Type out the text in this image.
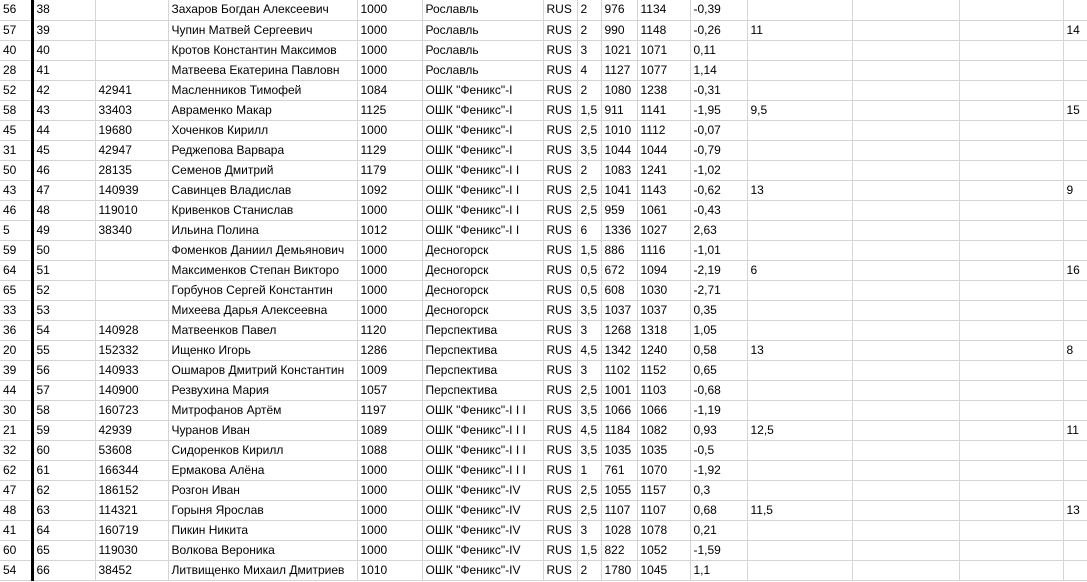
56	38		Захаров Богдан Алексеевич	1000	Рославль	RUS	2	976	1134	-0,39				
57	39		Чупин Матвей Сергеевич	1000	Рославль	RUS	2	990	1148	-0,26	11			14
40	40		Кротов Константин Максимов	1000	Рославль	RUS	3	1021	1071	0,11				
28	41		Матвеева Екатерина Павловн	1000	Рославль	RUS	4	1127	1077	1,14				
52	42	42941	Масленников Тимофей	1084	ОШК "Феникс"-I	RUS	2	1080	1238	-0,31				
58	43	33403	Авраменко Макар	1125	ОШК "Феникс"-I	RUS	1,5	911	1141	-1,95	9,5			15
45	44	19680	Хоченков Кирилл	1000	ОШК "Феникс"-I	RUS	2,5	1010	1112	-0,07				
31	45	42947	Реджепова Варвара	1129	ОШК "Феникс"-I	RUS	3,5	1044	1044	-0,79				
50	46	28135	Семенов Дмитрий	1179	ОШК "Феникс"-I I	RUS	2	1083	1241	-1,02				
43	47	140939	Савинцев Владислав	1092	ОШК "Феникс"-I I	RUS	2,5	1041	1143	-0,62	13			9
46	48	119010	Кривенков Станислав	1000	ОШК "Феникс"-I I	RUS	2,5	959	1061	-0,43				
5	49	38340	Ильина Полина	1012	ОШК "Феникс"-I I	RUS	6	1336	1027	2,63				
59	50		Фоменков Даниил Демьянович	1000	Десногорск	RUS	1,5	886	1116	-1,01				
64	51		Максименков Степан Викторо	1000	Десногорск	RUS	0,5	672	1094	-2,19	6			16
65	52		Горбунов Сергей Константин	1000	Десногорск	RUS	0,5	608	1030	-2,71				
33	53		Михеева Дарья Алексеевна	1000	Десногорск	RUS	3,5	1037	1037	0,35				
36	54	140928	Матвеенков Павел	1120	Перспектива	RUS	3	1268	1318	1,05				
20	55	152332	Ищенко Игорь	1286	Перспектива	RUS	4,5	1342	1240	0,58	13			8
39	56	140933	Ошмаров Дмитрий Константин	1009	Перспектива	RUS	3	1102	1152	0,65				
44	57	140900	Резвухина Мария	1057	Перспектива	RUS	2,5	1001	1103	-0,68				
30	58	160723	Митрофанов Артём	1197	ОШК "Феникс"-I I I	RUS	3,5	1066	1066	-1,19				
21	59	42939	Чуранов Иван	1089	ОШК "Феникс"-I I I	RUS	4,5	1184	1082	0,93	12,5			11
32	60	53608	Сидоренков Кирилл	1088	ОШК "Феникс"-I I I	RUS	3,5	1035	1035	-0,5				
62	61	166344	Ермакова Алёна	1000	ОШК "Феникс"-I I I	RUS	1	761	1070	-1,92				
47	62	186152	Розгон Иван	1000	ОШК "Феникс"-IV	RUS	2,5	1055	1157	0,3				
48	63	114321	Горыня Ярослав	1000	ОШК "Феникс"-IV	RUS	2,5	1107	1107	0,68	11,5			13
41	64	160719	Пикин Никита	1000	ОШК "Феникс"-IV	RUS	3	1028	1078	0,21				
60	65	119030	Волкова Вероника	1000	ОШК "Феникс"-IV	RUS	1,5	822	1052	-1,59				
54	66	38452	Литвищенко Михаил Дмитриев	1010	ОШК "Феникс"-IV	RUS	2	1780	1045	1,1				
